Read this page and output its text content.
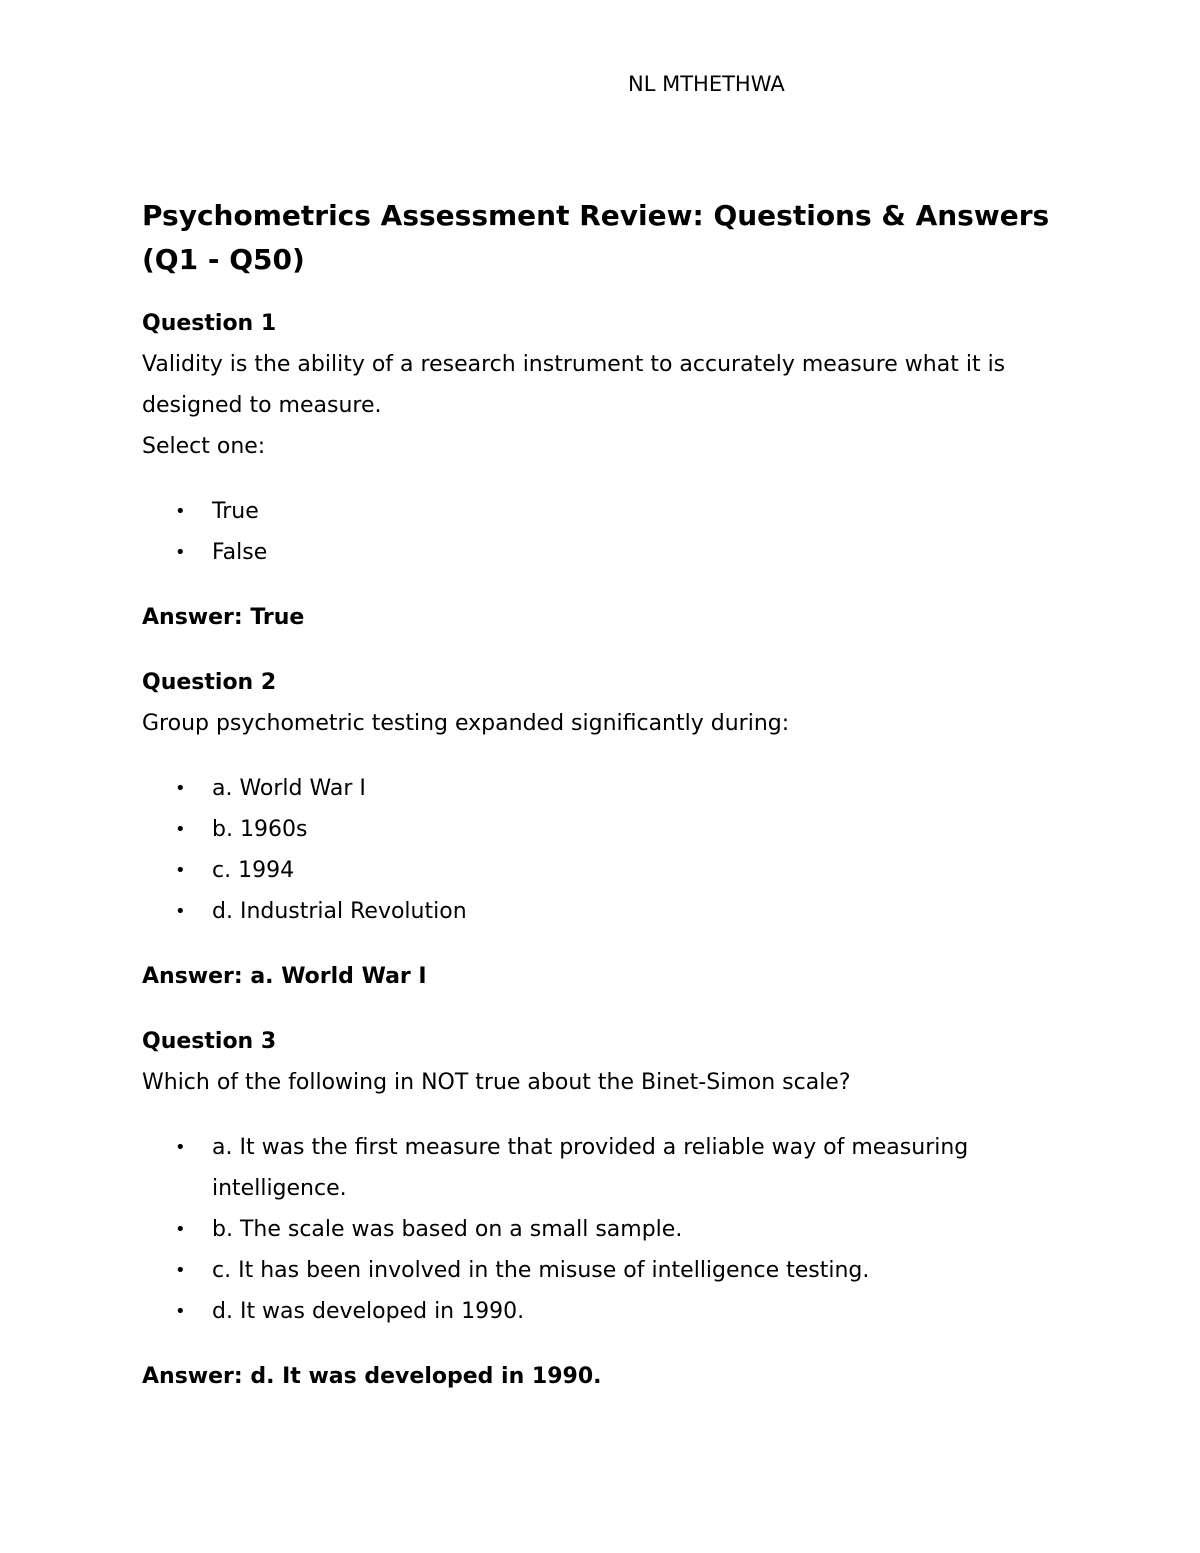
NL MTHETHWA
Psychometrics Assessment Review: Questions & Answers (Q1 - Q50)

Question 1

Validity is the ability of a research instrument to accurately measure what it is designed to measure.

Select one:

• True
• False

Answer: True

Question 2

Group psychometric testing expanded significantly during:

• a. World War I
• b. 1960s
• c. 1994
• d. Industrial Revolution

Answer: a. World War I

Question 3

Which of the following in NOT true about the Binet-Simon scale?

• a. It was the first measure that provided a reliable way of measuring intelligence.
• b. The scale was based on a small sample.
• c. It has been involved in the misuse of intelligence testing.
• d. It was developed in 1990.

Answer: d. It was developed in 1990.
